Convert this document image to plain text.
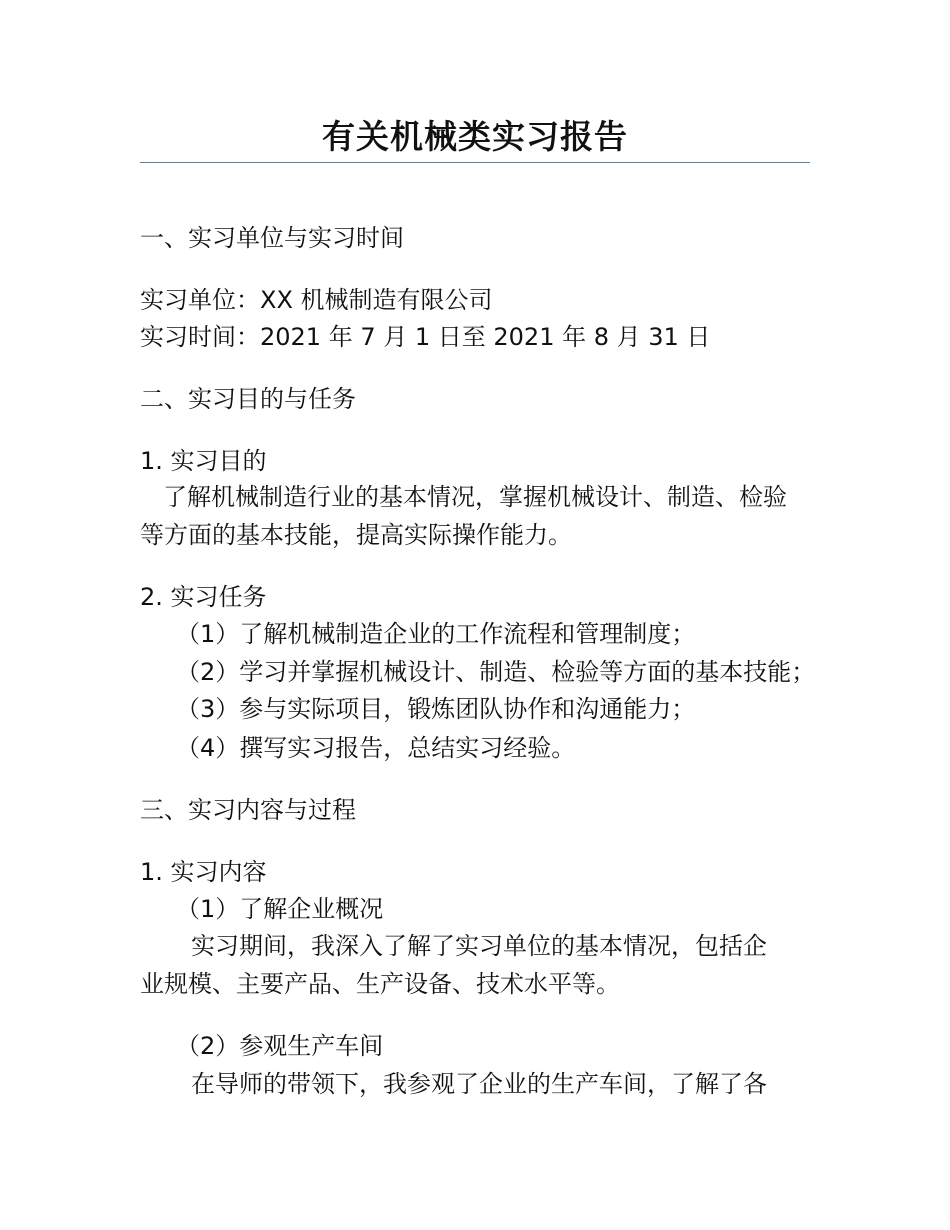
有关机械类实习报告
一、实习单位与实习时间
实习单位：XX 机械制造有限公司
实习时间：2021 年 7 月 1 日至 2021 年 8 月 31 日
二、实习目的与任务
1. 实习目的
了解机械制造行业的基本情况，掌握机械设计、制造、检验
等方面的基本技能，提高实际操作能力。
2. 实习任务
（1）了解机械制造企业的工作流程和管理制度；
（2）学习并掌握机械设计、制造、检验等方面的基本技能；
（3）参与实际项目，锻炼团队协作和沟通能力；
（4）撰写实习报告，总结实习经验。
三、实习内容与过程
1. 实习内容
（1）了解企业概况
实习期间，我深入了解了实习单位的基本情况，包括企
业规模、主要产品、生产设备、技术水平等。
（2）参观生产车间
在导师的带领下，我参观了企业的生产车间，了解了各
